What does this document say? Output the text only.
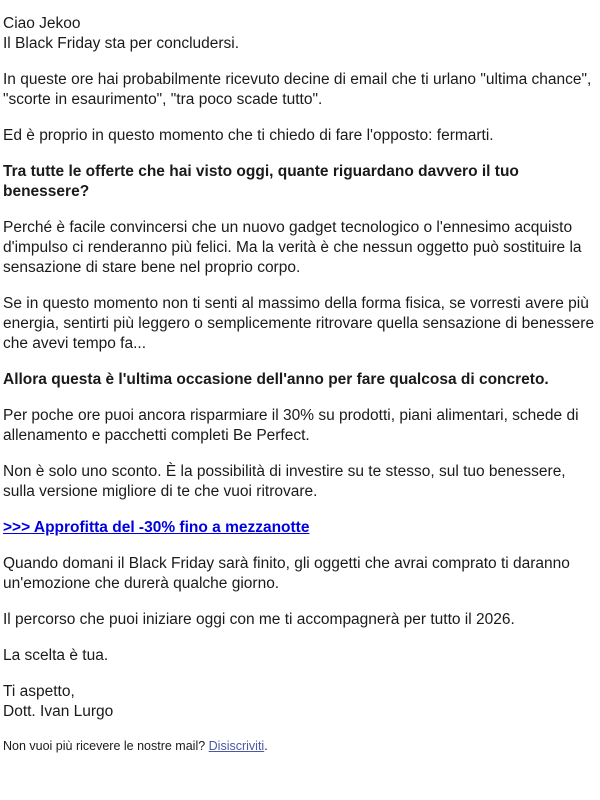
Ciao Jekoo
Il Black Friday sta per concludersi.

In queste ore hai probabilmente ricevuto decine di email che ti urlano "ultima chance", "scorte in esaurimento", "tra poco scade tutto".

Ed è proprio in questo momento che ti chiedo di fare l'opposto: fermarti.

Tra tutte le offerte che hai visto oggi, quante riguardano davvero il tuo benessere?

Perché è facile convincersi che un nuovo gadget tecnologico o l'ennesimo acquisto d'impulso ci renderanno più felici. Ma la verità è che nessun oggetto può sostituire la sensazione di stare bene nel proprio corpo.

Se in questo momento non ti senti al massimo della forma fisica, se vorresti avere più energia, sentirti più leggero o semplicemente ritrovare quella sensazione di benessere che avevi tempo fa...

Allora questa è l'ultima occasione dell'anno per fare qualcosa di concreto.

Per poche ore puoi ancora risparmiare il 30% su prodotti, piani alimentari, schede di allenamento e pacchetti completi Be Perfect.

Non è solo uno sconto. È la possibilità di investire su te stesso, sul tuo benessere, sulla versione migliore di te che vuoi ritrovare.

>>> Approfitta del -30% fino a mezzanotte

Quando domani il Black Friday sarà finito, gli oggetti che avrai comprato ti daranno un'emozione che durerà qualche giorno.

Il percorso che puoi iniziare oggi con me ti accompagnerà per tutto il 2026.

La scelta è tua.

Ti aspetto,
Dott. Ivan Lurgo

Non vuoi più ricevere le nostre mail? Disiscriviti.
